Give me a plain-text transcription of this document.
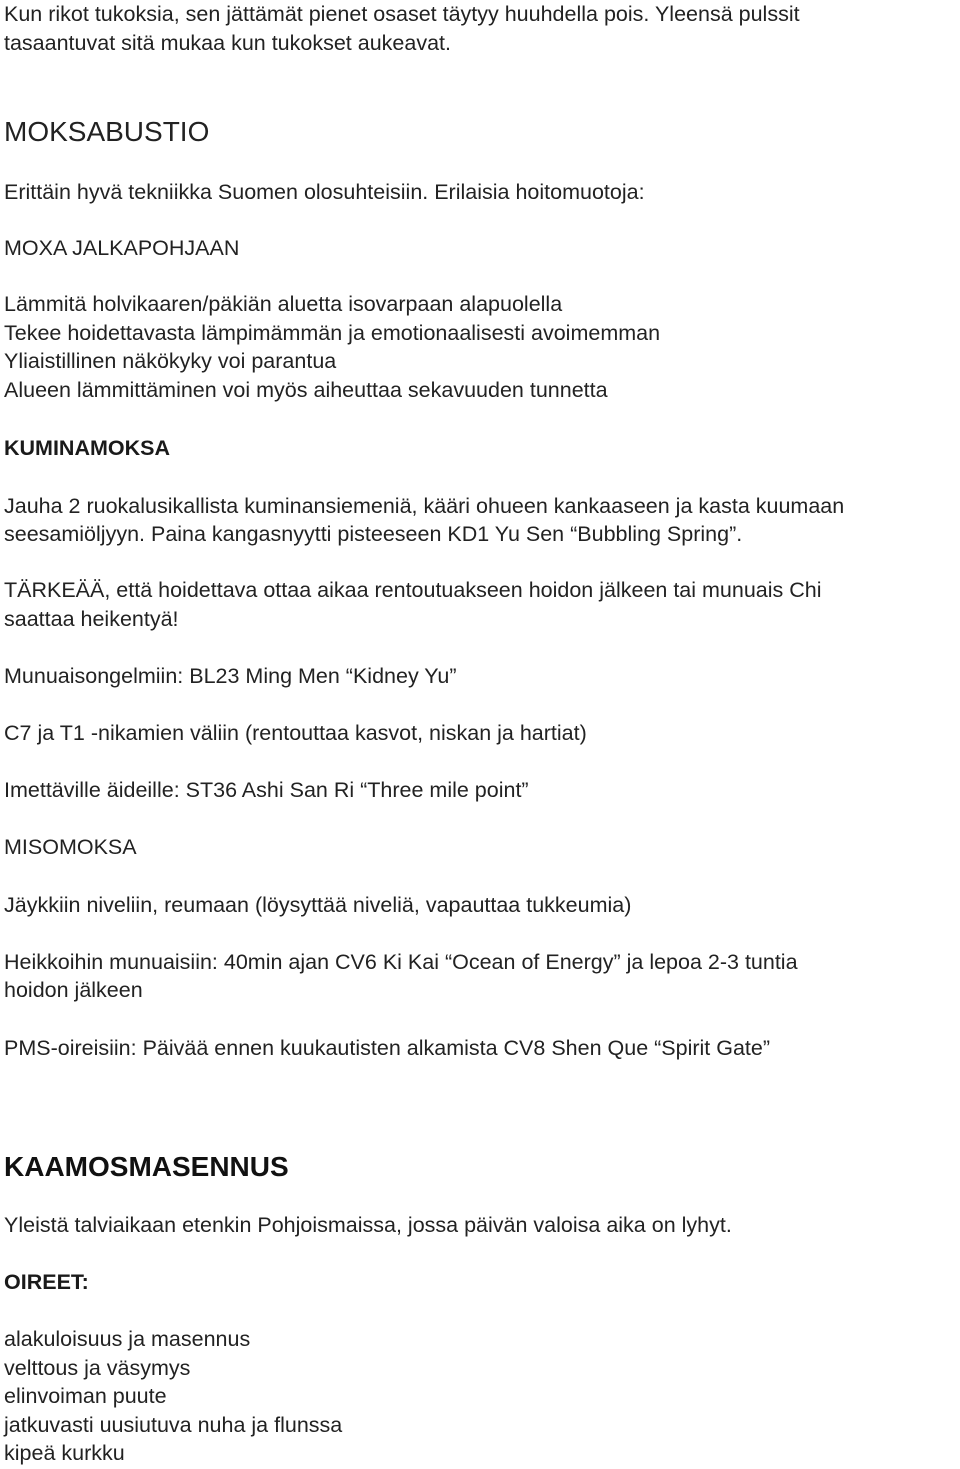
Kun rikot tukoksia, sen jättämät pienet osaset täytyy huuhdella pois. Yleensä pulssit
tasaantuvat sitä mukaa kun tukokset aukeavat.
MOKSABUSTIO
Erittäin hyvä tekniikka Suomen olosuhteisiin. Erilaisia hoitomuotoja:
MOXA JALKAPOHJAAN
Lämmitä holvikaaren/päkiän aluetta isovarpaan alapuolella
Tekee hoidettavasta lämpimämmän ja emotionaalisesti avoimemman
Yliaistillinen näkökyky voi parantua
Alueen lämmittäminen voi myös aiheuttaa sekavuuden tunnetta
KUMINAMOKSA
Jauha 2 ruokalusikallista kuminansiemeniä, kääri ohueen kankaaseen ja kasta kuumaan
seesamiöljyyn. Paina kangasnyytti pisteeseen KD1 Yu Sen “Bubbling Spring”.
TÄRKEÄÄ, että hoidettava ottaa aikaa rentoutuakseen hoidon jälkeen tai munuais Chi
saattaa heikentyä!
Munuaisongelmiin: BL23 Ming Men “Kidney Yu”
C7 ja T1 -nikamien väliin (rentouttaa kasvot, niskan ja hartiat)
Imettäville äideille: ST36 Ashi San Ri “Three mile point”
MISOMOKSA
Jäykkiin niveliin, reumaan (löysyttää niveliä, vapauttaa tukkeumia)
Heikkoihin munuaisiin: 40min ajan CV6 Ki Kai “Ocean of Energy” ja lepoa 2-3 tuntia
hoidon jälkeen
PMS-oireisiin: Päivää ennen kuukautisten alkamista CV8 Shen Que “Spirit Gate”
KAAMOSMASENNUS
Yleistä talviaikaan etenkin Pohjoismaissa, jossa päivän valoisa aika on lyhyt.
OIREET:
alakuloisuus ja masennus
velttous ja väsymys
elinvoiman puute
jatkuvasti uusiutuva nuha ja flunssa
kipeä kurkku
